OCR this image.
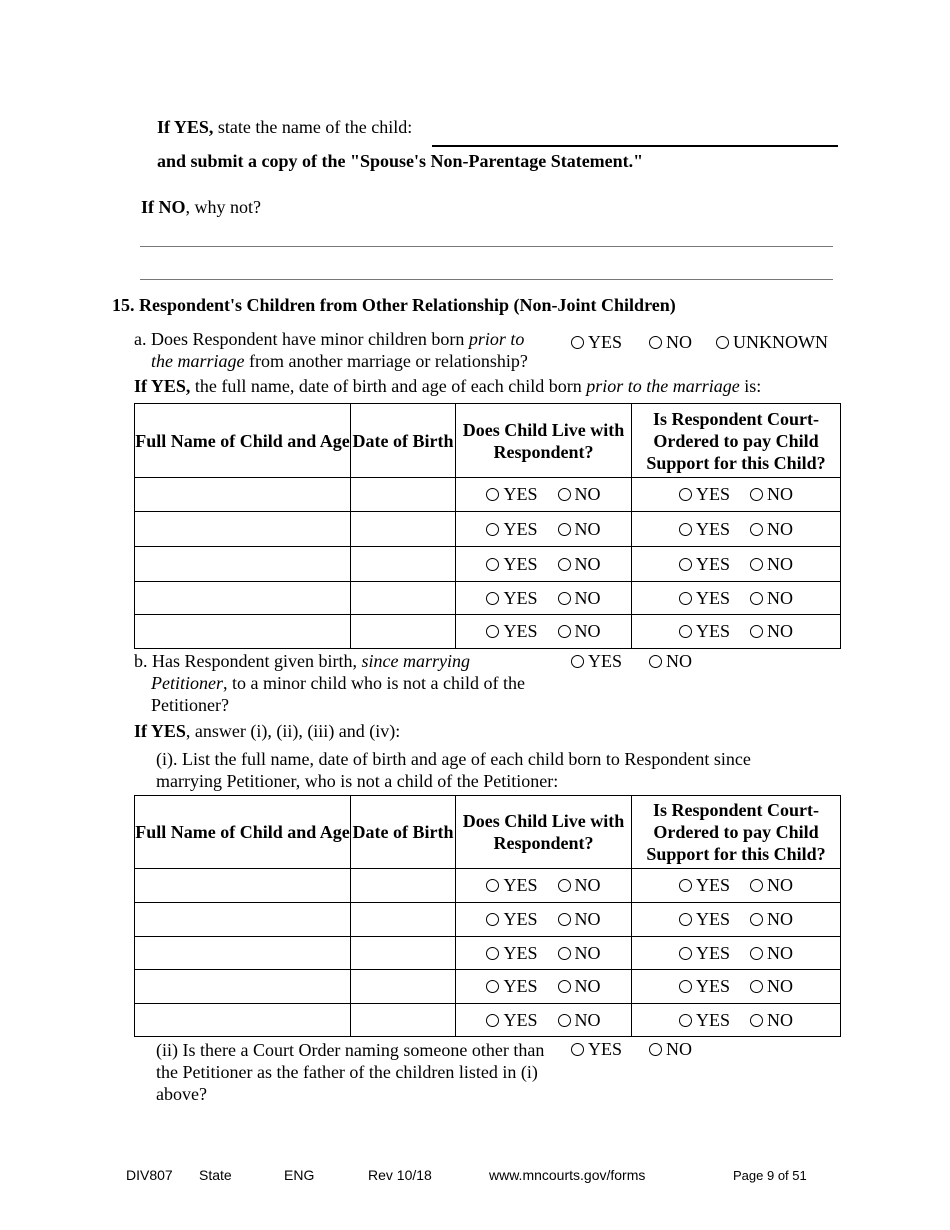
If YES, state the name of the child:
and submit a copy of the "Spouse's Non-Parentage Statement."
If NO, why not?
15. Respondent's Children from Other Relationship (Non-Joint Children)
a. Does Respondent have minor children born prior to
the marriage from another marriage or relationship?
YES	NO	UNKNOWN
If YES, the full name, date of birth and age of each child born prior to the marriage is:
Full Name of Child and Age	Date of Birth	Does Child Live with Respondent?	Is Respondent Court-Ordered to pay Child Support for this Child?
		YES NO	YES NO
		YES NO	YES NO
		YES NO	YES NO
		YES NO	YES NO
		YES NO	YES NO
b. Has Respondent given birth, since marrying
Petitioner, to a minor child who is not a child of the
Petitioner?
YES	NO
If YES, answer (i), (ii), (iii) and (iv):
(i). List the full name, date of birth and age of each child born to Respondent since
marrying Petitioner, who is not a child of the Petitioner:
Full Name of Child and Age	Date of Birth	Does Child Live with Respondent?	Is Respondent Court-Ordered to pay Child Support for this Child?
		YES NO	YES NO
		YES NO	YES NO
		YES NO	YES NO
		YES NO	YES NO
		YES NO	YES NO
(ii) Is there a Court Order naming someone other than
the Petitioner as the father of the children listed in (i)
above?
YES	NO
DIV807 State	ENG	Rev 10/18	www.mncourts.gov/forms	Page 9 of 51
